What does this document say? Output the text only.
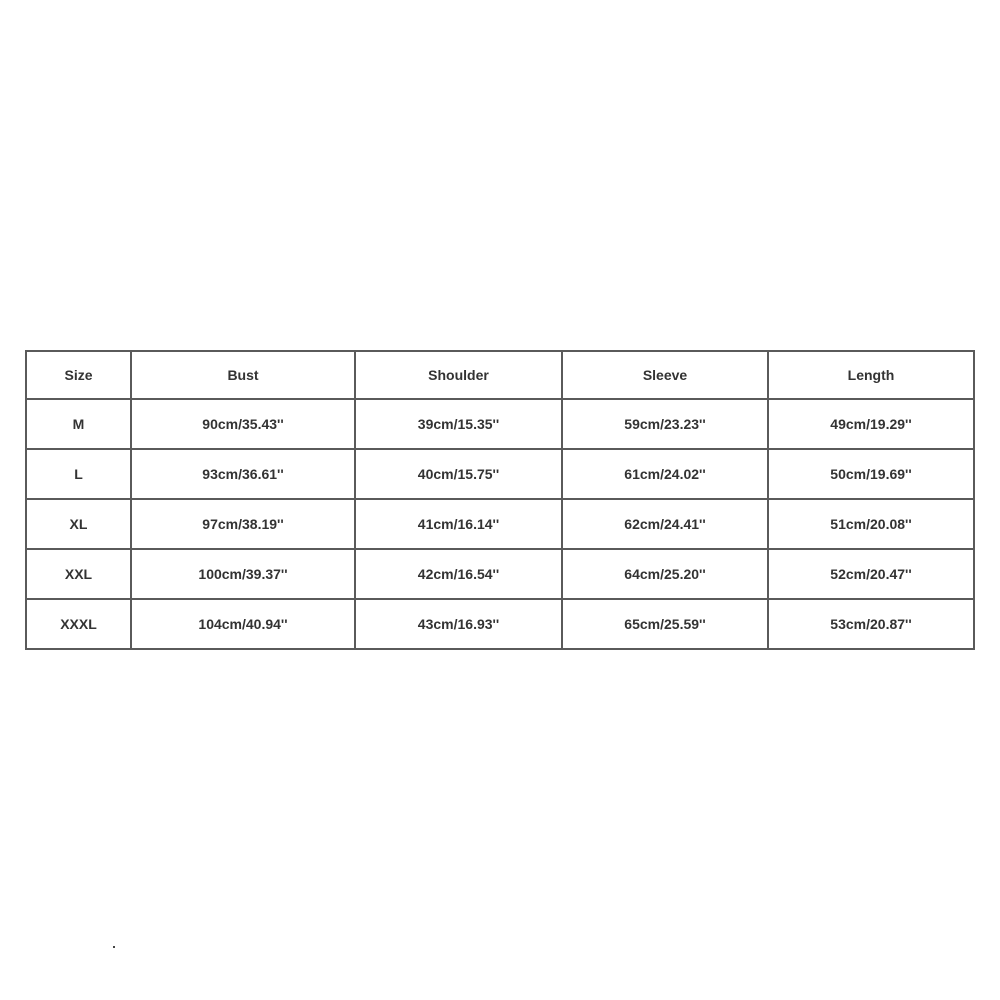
Size	Bust	Shoulder	Sleeve	Length
M	90cm/35.43''	39cm/15.35''	59cm/23.23''	49cm/19.29''
L	93cm/36.61''	40cm/15.75''	61cm/24.02''	50cm/19.69''
XL	97cm/38.19''	41cm/16.14''	62cm/24.41''	51cm/20.08''
XXL	100cm/39.37''	42cm/16.54''	64cm/25.20''	52cm/20.47''
XXXL	104cm/40.94''	43cm/16.93''	65cm/25.59''	53cm/20.87''
